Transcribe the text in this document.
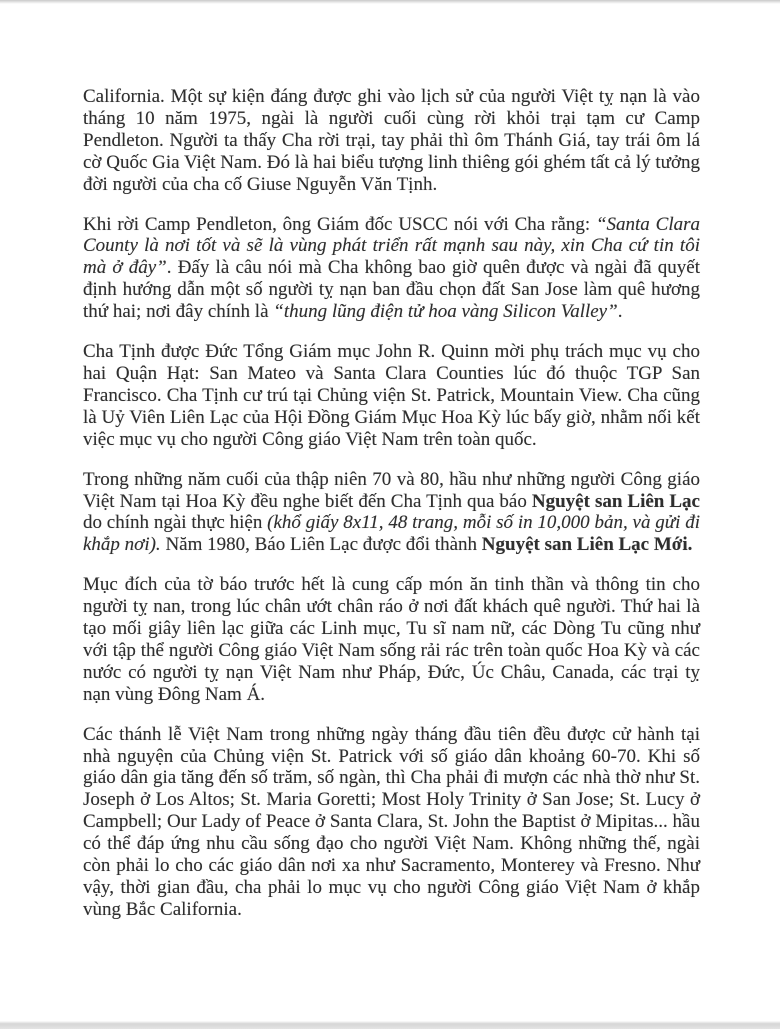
California. Một sự kiện đáng được ghi vào lịch sử của người Việt tỵ nạn là vào tháng 10 năm 1975, ngài là người cuối cùng rời khỏi trại tạm cư Camp Pendleton. Người ta thấy Cha rời trại, tay phải thì ôm Thánh Giá, tay trái ôm lá cờ Quốc Gia Việt Nam. Đó là hai biểu tượng linh thiêng gói ghém tất cả lý tưởng đời người của cha cố Giuse Nguyễn Văn Tịnh.

Khi rời Camp Pendleton, ông Giám đốc USCC nói với Cha rằng: “Santa Clara County là nơi tốt và sẽ là vùng phát triển rất mạnh sau này, xin Cha cứ tin tôi mà ở đây”. Đấy là câu nói mà Cha không bao giờ quên được và ngài đã quyết định hướng dẫn một số người tỵ nạn ban đầu chọn đất San Jose làm quê hương thứ hai; nơi đây chính là “thung lũng điện tử hoa vàng Silicon Valley”.

Cha Tịnh được Đức Tổng Giám mục John R. Quinn mời phụ trách mục vụ cho hai Quận Hạt: San Mateo và Santa Clara Counties lúc đó thuộc TGP San Francisco. Cha Tịnh cư trú tại Chủng viện St. Patrick, Mountain View. Cha cũng là Uỷ Viên Liên Lạc của Hội Đồng Giám Mục Hoa Kỳ lúc bấy giờ, nhằm nối kết việc mục vụ cho người Công giáo Việt Nam trên toàn quốc.

Trong những năm cuối của thập niên 70 và 80, hầu như những người Công giáo Việt Nam tại Hoa Kỳ đều nghe biết đến Cha Tịnh qua báo Nguyệt san Liên Lạc do chính ngài thực hiện (khổ giấy 8x11, 48 trang, mỗi số in 10,000 bản, và gửi đi khắp nơi). Năm 1980, Báo Liên Lạc được đổi thành Nguyệt san Liên Lạc Mới.

Mục đích của tờ báo trước hết là cung cấp món ăn tinh thần và thông tin cho người tỵ nan, trong lúc chân ướt chân ráo ở nơi đất khách quê người. Thứ hai là tạo mối giây liên lạc giữa các Linh mục, Tu sĩ nam nữ, các Dòng Tu cũng như với tập thể người Công giáo Việt Nam sống rải rác trên toàn quốc Hoa Kỳ và các nước có người tỵ nạn Việt Nam như Pháp, Đức, Úc Châu, Canada, các trại tỵ nạn vùng Đông Nam Á.

Các thánh lễ Việt Nam trong những ngày tháng đầu tiên đều được cử hành tại nhà nguyện của Chủng viện St. Patrick với số giáo dân khoảng 60-70. Khi số giáo dân gia tăng đến số trăm, số ngàn, thì Cha phải đi mượn các nhà thờ như St. Joseph ở Los Altos; St. Maria Goretti; Most Holy Trinity ở San Jose; St. Lucy ở Campbell; Our Lady of Peace ở Santa Clara, St. John the Baptist ở Mipitas... hầu có thể đáp ứng nhu cầu sống đạo cho người Việt Nam. Không những thế, ngài còn phải lo cho các giáo dân nơi xa như Sacramento, Monterey và Fresno. Như vậy, thời gian đầu, cha phải lo mục vụ cho người Công giáo Việt Nam ở khắp vùng Bắc California.
